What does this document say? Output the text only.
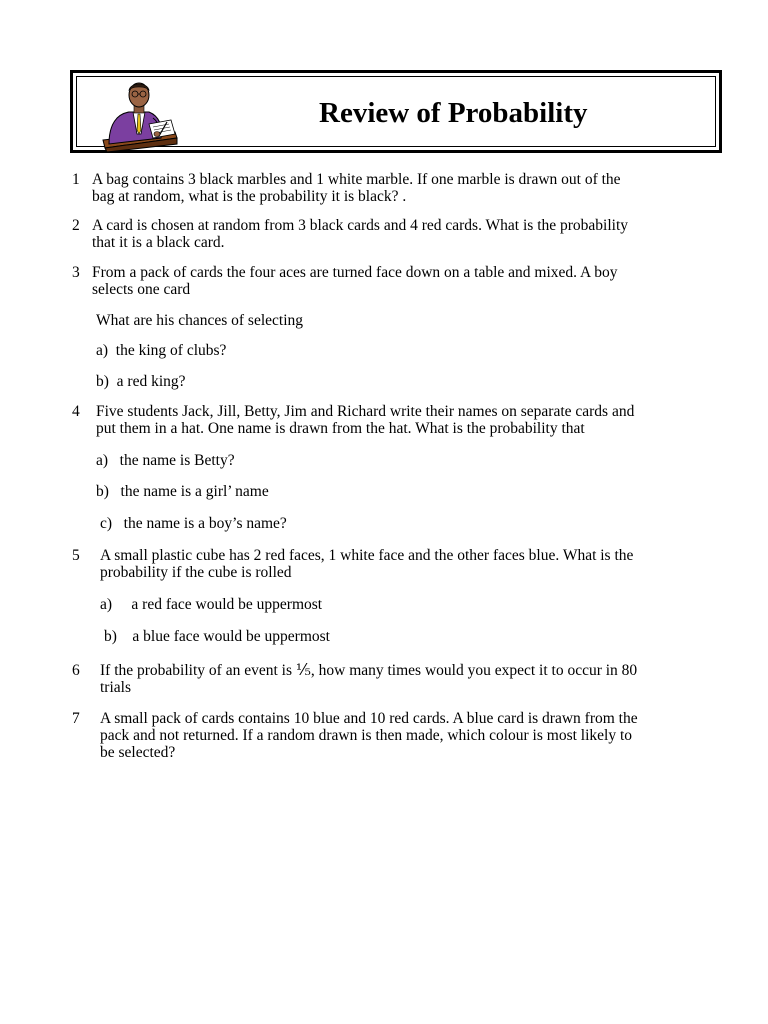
Review of Probability
1 A bag contains 3 black marbles and 1 white marble. If one marble is drawn out of the
bag at random, what is the probability it is black? .
2 A card is chosen at random from 3 black cards and 4 red cards. What is the probability
that it is a black card.
3 From a pack of cards the four aces are turned face down on a table and mixed. A boy
selects one card
What are his chances of selecting
a) the king of clubs?
b) a red king?
4 Five students Jack, Jill, Betty, Jim and Richard write their names on separate cards and
put them in a hat. One name is drawn from the hat. What is the probability that
a) the name is Betty?
b) the name is a girl’ name
c) the name is a boy’s name?
5 A small plastic cube has 2 red faces, 1 white face and the other faces blue. What is the
probability if the cube is rolled
a) a red face would be uppermost
b) a blue face would be uppermost
6 If the probability of an event is ⅕, how many times would you expect it to occur in 80
trials
7 A small pack of cards contains 10 blue and 10 red cards. A blue card is drawn from the
pack and not returned. If a random drawn is then made, which colour is most likely to
be selected?
